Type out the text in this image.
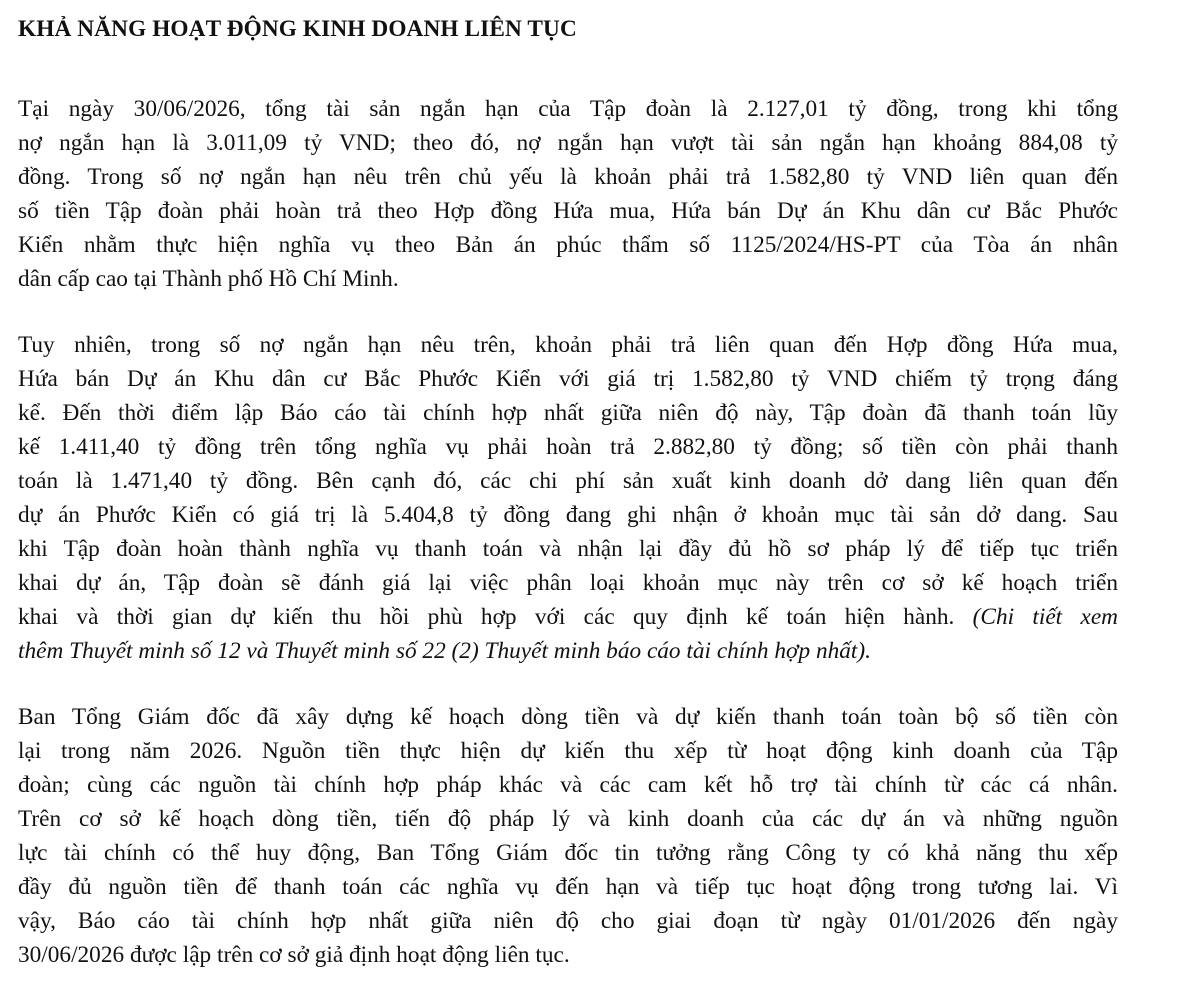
KHẢ NĂNG HOẠT ĐỘNG KINH DOANH LIÊN TỤC
Tại ngày 30/06/2026, tổng tài sản ngắn hạn của Tập đoàn là 2.127,01 tỷ đồng, trong khi tổng
nợ ngắn hạn là 3.011,09 tỷ VND; theo đó, nợ ngắn hạn vượt tài sản ngắn hạn khoảng 884,08 tỷ
đồng. Trong số nợ ngắn hạn nêu trên chủ yếu là khoản phải trả 1.582,80 tỷ VND liên quan đến
số tiền Tập đoàn phải hoàn trả theo Hợp đồng Hứa mua, Hứa bán Dự án Khu dân cư Bắc Phước
Kiển nhằm thực hiện nghĩa vụ theo Bản án phúc thẩm số 1125/2024/HS-PT của Tòa án nhân
dân cấp cao tại Thành phố Hồ Chí Minh.
Tuy nhiên, trong số nợ ngắn hạn nêu trên, khoản phải trả liên quan đến Hợp đồng Hứa mua,
Hứa bán Dự án Khu dân cư Bắc Phước Kiển với giá trị 1.582,80 tỷ VND chiếm tỷ trọng đáng
kể. Đến thời điểm lập Báo cáo tài chính hợp nhất giữa niên độ này, Tập đoàn đã thanh toán lũy
kế 1.411,40 tỷ đồng trên tổng nghĩa vụ phải hoàn trả 2.882,80 tỷ đồng; số tiền còn phải thanh
toán là 1.471,40 tỷ đồng. Bên cạnh đó, các chi phí sản xuất kinh doanh dở dang liên quan đến
dự án Phước Kiển có giá trị là 5.404,8 tỷ đồng đang ghi nhận ở khoản mục tài sản dở dang. Sau
khi Tập đoàn hoàn thành nghĩa vụ thanh toán và nhận lại đầy đủ hồ sơ pháp lý để tiếp tục triển
khai dự án, Tập đoàn sẽ đánh giá lại việc phân loại khoản mục này trên cơ sở kế hoạch triển
khai và thời gian dự kiến thu hồi phù hợp với các quy định kế toán hiện hành. (Chi tiết xem
thêm Thuyết minh số 12 và Thuyết minh số 22 (2) Thuyết minh báo cáo tài chính hợp nhất).
Ban Tổng Giám đốc đã xây dựng kế hoạch dòng tiền và dự kiến thanh toán toàn bộ số tiền còn
lại trong năm 2026. Nguồn tiền thực hiện dự kiến thu xếp từ hoạt động kinh doanh của Tập
đoàn; cùng các nguồn tài chính hợp pháp khác và các cam kết hỗ trợ tài chính từ các cá nhân.
Trên cơ sở kế hoạch dòng tiền, tiến độ pháp lý và kinh doanh của các dự án và những nguồn
lực tài chính có thể huy động, Ban Tổng Giám đốc tin tưởng rằng Công ty có khả năng thu xếp
đầy đủ nguồn tiền để thanh toán các nghĩa vụ đến hạn và tiếp tục hoạt động trong tương lai. Vì
vậy, Báo cáo tài chính hợp nhất giữa niên độ cho giai đoạn từ ngày 01/01/2026 đến ngày
30/06/2026 được lập trên cơ sở giả định hoạt động liên tục.
